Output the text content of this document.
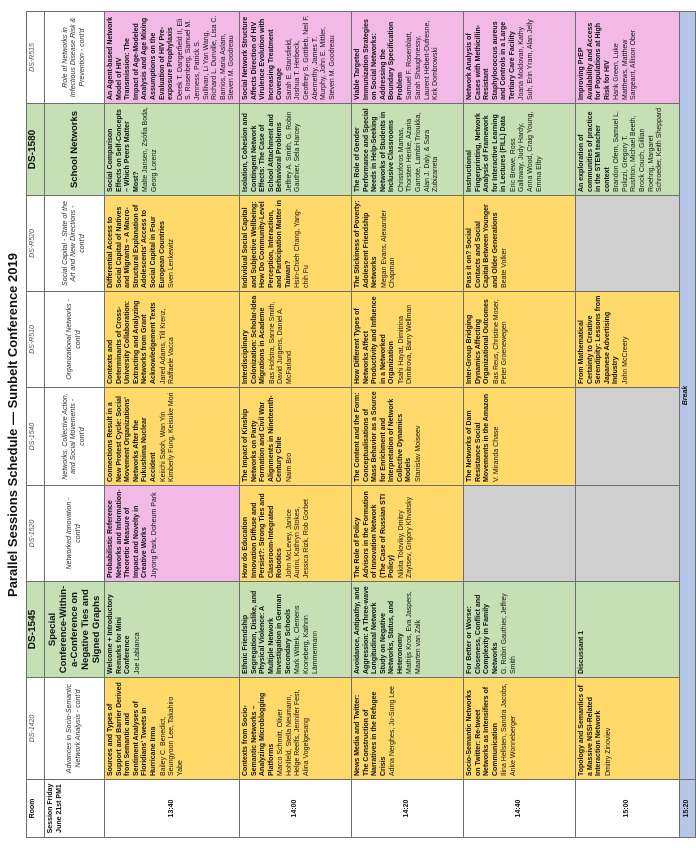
Parallel Sessions Schedule — Sunbelt Conference 2019
Room	DS-1420	DS-1545	DS-1520	DS-1540	DS-R510	DS-R520	DS-1580	DS-R515
Session Friday June 21st PM1	Advances in Socio-Semantic Network Analysis - cont'd	Special Conference-Within-a-Conference on Negative Ties and Signed Graphs	Networked Innovation - cont'd	Networks, Collective Action, and Social Movements - cont'd	Organizational Networks - cont'd	Social Capital - State of the Art and New Directions - cont'd	School Networks	Role of Networks in Infectious Disease Risk & Prevention - cont'd
13:40	Sources and Types of Support and Barrier Derived from Semantic and Sentiment Analyses of Floridians' Tweets in Hurricane Irma Bailey C. Benedict, Seungyoon Lee, Takahiro Yabe	Welcome + Introductory Remarks for Mini Conference Joe Labianca	Probabilistic Reference Networks and Information-Theoretic Measure of Impact and Novelty in Creative Works Juyong Park, Doheum Park	Connections Result in a New Protest Cycle: Social Movement Organizations' Networks After the Fukushima Nuclear Accident Keiichi Satoh, Wan Yin Kimberly Fung, Keisuke Mori	Contexts and Determinants of Cross-University Collaboration: Extracting and Analyzing Networks from Grant Acknowledgement Texts Jared Adams, Till Krenz, Raffaele Vacca	Differential Access to Social Capital of Natives and Migrants – A Macro-Structural Explanation of Adolescents' Access to Social Capital in Four European Countries Sven Lenkewitz	Social Comparison Effects on Self-Concepts – Which Peers Matter Most? Malte Jansen, Zsófia Boda, Georg Lorenz	An Agent-based Network Model of HIV Transmission: The Impact of Age-Modeled Analysis and Age Mixing Assumptions on the Evaluation of HIV Pre-exposure Prophylaxis Derek T. Dangerfield II, Eli S. Rosenberg, Samuel M. Jenness, Patrick S. Sullivan, Li Yan Wang, Richard L. Dunville, Lisa C. Barrios, Maria Aslam, Steven M. Goodreau

14:00	Contexts from Socio-Semantic Networks – Analyzing Microblogging Platforms Marco Schmitt, Oliver Hohlfeld, Stella Neumann, Helge Reelfs, Jennifer Fest, Alina Vogelgesang	Ethnic Friendship Segregation, Dislike, and Physical Violence: A Multiple Network Investigation in German Secondary Schools Mark Wittek, Clemens Kroneberg, Kathrin Lämmermann	How do Education Innovation Diffuse and Persist?: Strong Ties and Classroom-Integrated Robotics John McLevey, Janice Aurini, Kathryn Stokes, Jessica Rizk, Rob Gorbet	The Impact of Kinship Networks on Party Formation and Civil War Alignments in Nineteenth-Century Chile Naim Bro	Interdisciplinary Colonization: Scholar-Idea Migrations in Academe Bas Hofstra, Sanne Smith, David Jurgens, Daniel A. McFarland	Individual Social Capital and Subjective Wellbeing: How Do Community-Level Perception, Interaction, and Participation Matter in Taiwan? Hsin-Chieh Chang, Yang-chih Fu	Isolation, Cohesion and Contingent Network Effects: The Case of School Attachment and Behavioral Problems Jeffrey A. Smith, G. Robin Gauthier, Sela Harcey	Social Network Structure Affects Direction of HIV Virulence Evolution with Increasing Treatment Coverage Sarah E. Stansfield, Joshua T. Herbeck, Geoffrey S. Gottlieb, Neil F. Abernethy, James T. Murphy, John E. Mittler, Steven M. Goodreau

14:20	News Media and Twitter: The Construction of Narratives in the Refugee Crisis Adina Nerghes, Ju-Sung Lee	Avoidance, Antipathy, and Aggression: A Three-wave Longitudinal Network Study on Negative Networks, Status, and Heteronomy Mathijs Kros, Eva Jaspers, Maarten van Zalk	The Role of Policy Advisors in the Formation of Innovation Network (The Case of Russian STI Policy) Nikita Toloviky, Dmitry Zaytsev, Grigory Khvatsky	The Content and the Form: Conceptualisations of Mass Behavior as a Source for Enrichment and Interpretation of Network Collective Dynamics Models Stanislav Moiseev	How Different Types of Networks Affect Productivity and Influence in a Networked Organization Tsahi Hayat, Dimitrina Dimitrova, Barry Wellman	The Stickiness of Poverty: Adolescent Friendship Networks Megan Evans, Alexander Chapman	The Role of Gender Performance and Special Needs in Help-Seeking Networks of Students in Inclusive Classrooms Christoforos Mamas, Thorsten Henke, Azaria Garrote, Lambri Trioukka, Alan J. Daly, & Sara Zubizarreta	Viable Targeted Immunization Strategies on Social Networks: Addressing the Boundary Specification Problem Samuel F. Rosenblatt, Sarah Shaughnessy, Laurent Hébert-Dufresne, Kirk Dombrowski

14:40	Socio-Semantic Networks on Twitter: Re-tweet Networks as Intensifiers of Communication Ilina Hellsten, Sandra Jacobs, Anke Wonneberger	For Better or Worse: Closeness, Conflict and Complexity in Family Networks G. Robin Gauthier, Jeffrey Smith		The Networks of Dam Resistance Social Movements in the Amazon V. Miranda Chase	Inter-Group Bridging Dynamics Affecting Organizational Outcomes Bas Reus, Christine Moser, Peter Groenewegen	Pass it on? Social Contacts and Social Capital Between Younger and Older Generations Beate Volker	Instructional Fingerprinting, Network Analysis of Framework for Interactive Learning in Lectures (FILL) Data Eric Brewe, Ross Galloway, Judy Hardy, Anna Wood, Craig Young, Emma Elby	Network Analysis of Cases with Methicillin-Resistant Staphylococcus aureus and Controls in a Large Tertiary Care Facility Joana Moldovan, Kathy Suh, Erin Yram, Alan Jelly

15:00	Topology and Semantics of a Massive NSSI-Related Interaction Network Dmitry Zinoviev	Discussant 1			From Mathematical Certainty to Creative Serendipity: Lessons from Japanese Advertising Industry John McCreery		An exploration of communities of practice in the STEM teacher context Brandon Ofem, Samuel L. Polizzi, Gregory T. Rushton, Michael Beeth, Brock Couch, Gillian Roehrig, Margaret Schroeder, Keith Sheppard	Improving PrEP Availability and Access for Populations at High Risk for HIV Hank Green, Luke Matthews, Matthew Sargeant, Allison Ober

15:20	Break							
